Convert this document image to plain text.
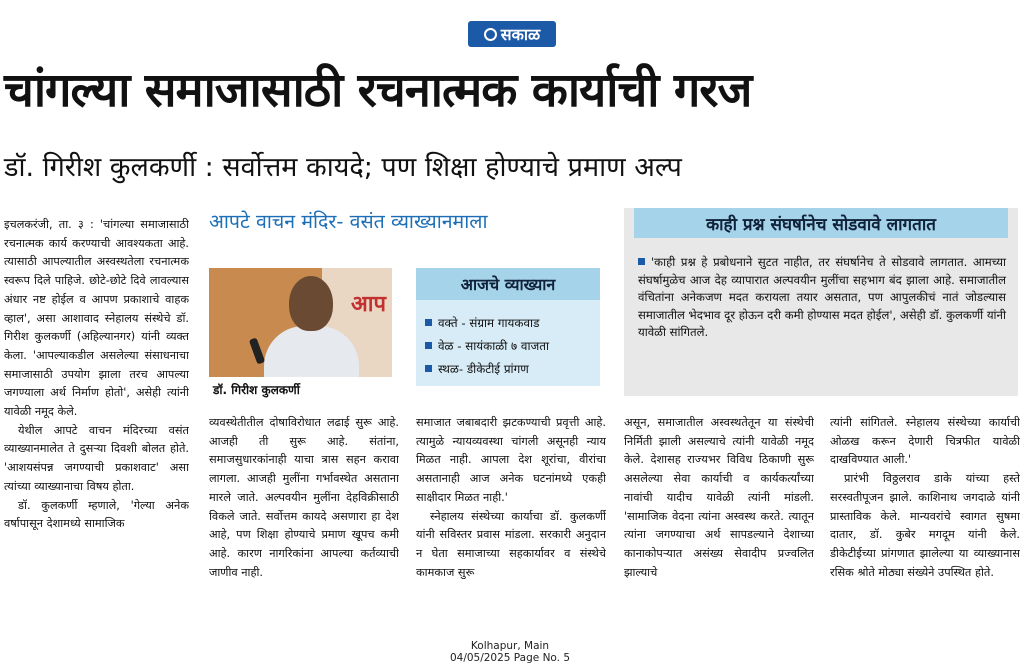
सकाळ
चांगल्या समाजासाठी रचनात्मक कार्याची गरज
डॉ. गिरीश कुलकर्णी : सर्वोत्तम कायदे; पण शिक्षा होण्याचे प्रमाण अल्प
आपटे वाचन मंदिर- वसंत व्याख्यानमाला

इचलकरंजी, ता. ३ : 'चांगल्या समाजासाठी रचनात्मक कार्य करण्याची आवश्यकता आहे. त्यासाठी आपल्यातील अस्वस्थतेला रचनात्मक स्वरूप दिले पाहिजे. छोटे-छोटे दिवे लावल्यास अंधार नष्ट होईल व आपण प्रकाशाचे वाहक व्हाल', असा आशावाद स्नेहालय संस्थेचे डॉ. गिरीश कुलकर्णी (अहिल्यानगर) यांनी व्यक्त केला. 'आपल्याकडील असलेल्या संसाधनाचा समाजासाठी उपयोग झाला तरच आपल्या जगण्याला अर्थ निर्माण होतो', असेही त्यांनी यावेळी नमूद केले.

येथील आपटे वाचन मंदिरच्या वसंत व्याख्यानमालेत ते दुसऱ्या दिवशी बोलत होते. 'आशयसंपन्न जगण्याची प्रकाशवाट' असा त्यांच्या व्याख्यानाचा विषय होता.

डॉ. कुलकर्णी म्हणाले, 'गेल्या अनेक वर्षापासून देशामध्ये सामाजिक

आप
डॉ. गिरीश कुलकर्णी
आजचे व्याख्यान
वक्ते - संग्राम गायकवाड
वेळ - सायंकाळी ७ वाजता
स्थळ- डीकेटीई प्रांगण
काही प्रश्न संघर्षानेच सोडवावे लागतात
'काही प्रश्न हे प्रबोधनाने सुटत नाहीत, तर संघर्षानेच ते सोडवावे लागतात. आमच्या संघर्षामुळेच आज देह व्यापारात अल्पवयीन मुलींचा सहभाग बंद झाला आहे. समाजातील वंचितांना अनेकजण मदत करायला तयार असतात, पण आपुलकीचं नातं जोडल्यास समाजातील भेदभाव दूर होऊन दरी कमी होण्यास मदत होईल', असेही डॉ. कुलकर्णी यांनी यावेळी सांगितले.

व्यवस्थेतीतील दोषाविरोधात लढाई सुरू आहे. आजही ती सुरू आहे. संतांना, समाजसुधारकांनाही याचा त्रास सहन करावा लागला. आजही मुलींना गर्भावस्थेत असताना मारले जाते. अल्पवयीन मुलींना देहविक्रीसाठी विकले जाते. सर्वोत्तम कायदे असणारा हा देश आहे, पण शिक्षा होण्याचे प्रमाण खूपच कमी आहे. कारण नागरिकांना आपल्या कर्तव्याची जाणीव नाही.

समाजात जबाबदारी झटकण्याची प्रवृत्ती आहे. त्यामुळे न्यायव्यवस्था चांगली असूनही न्याय मिळत नाही. आपला देश शूरांचा, वीरांचा असतानाही आज अनेक घटनांमध्ये एकही साक्षीदार मिळत नाही.'

स्नेहालय संस्थेच्या कार्याचा डॉ. कुलकर्णी यांनी सविस्तर प्रवास मांडला. सरकारी अनुदान न घेता समाजाच्या सहकार्यावर व संस्थेचे कामकाज सुरू

असून, समाजातील अस्वस्थतेतून या संस्थेची निर्मिती झाली असल्याचे त्यांनी यावेळी नमूद केले. देशासह राज्यभर विविध ठिकाणी सुरू असलेल्या सेवा कार्याची व कार्यकर्त्यांच्या नावांची यादीच यावेळी त्यांनी मांडली. 'सामाजिक वेदना त्यांना अस्वस्थ करते. त्यातून त्यांना जगण्याचा अर्थ सापडल्याने देशाच्या कानाकोपऱ्यात असंख्य सेवादीप प्रज्वलित झाल्याचे

त्यांनी सांगितले. स्नेहालय संस्थेच्या कार्याची ओळख करून देणारी चित्रफीत यावेळी दाखविण्यात आली.'

प्रारंभी विठ्ठलराव डाके यांच्या हस्ते सरस्वतीपूजन झाले. काशिनाथ जगदाळे यांनी प्रास्ताविक केले. मान्यवरांचे स्वागत सुषमा दातार, डॉ. कुबेर मगदूम यांनी केले. डीकेटीईच्या प्रांगणात झालेल्या या व्याख्यानास रसिक श्रोते मोठ्या संख्येने उपस्थित होते.

Kolhapur, Main
04/05/2025 Page No. 5
